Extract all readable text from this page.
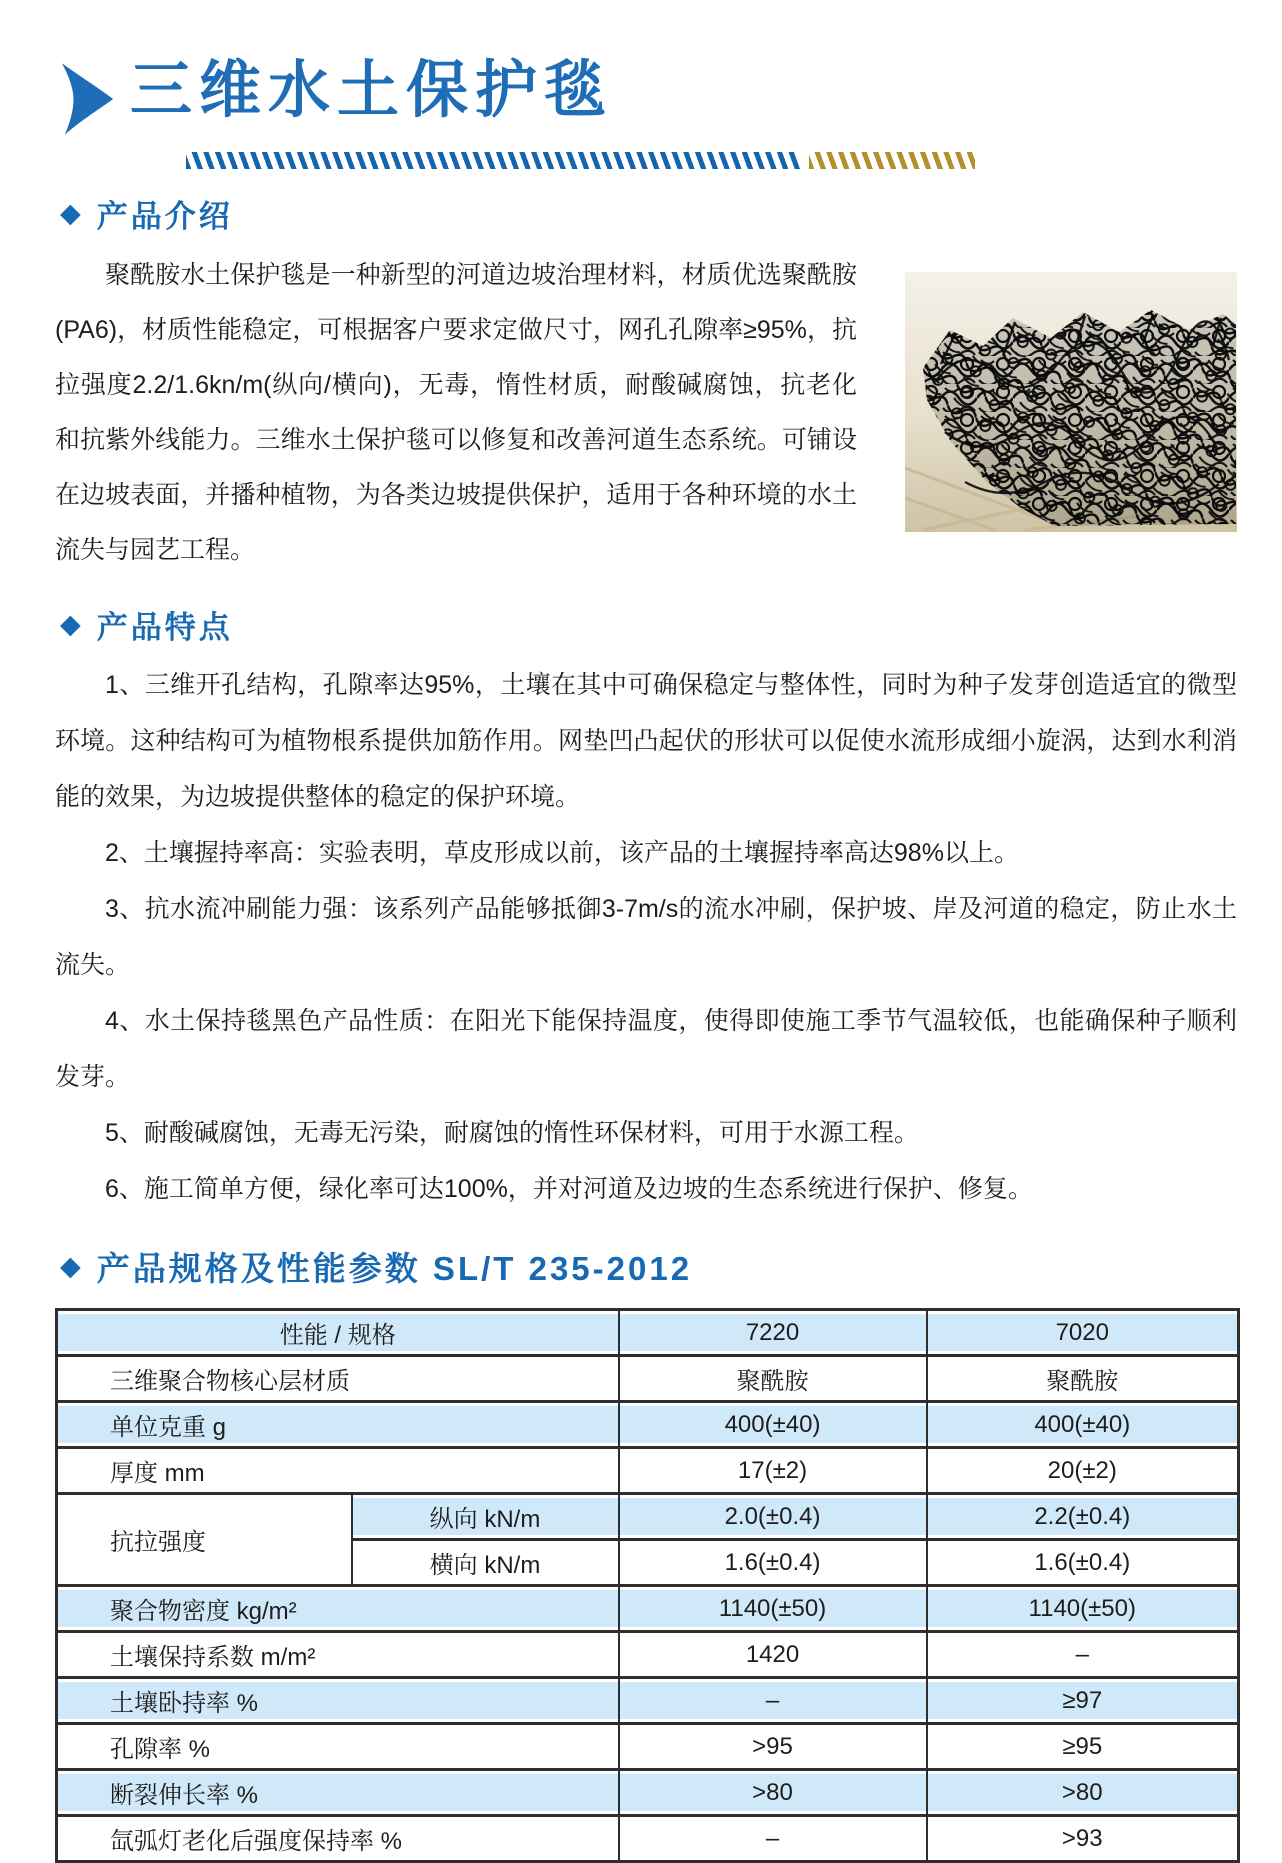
三维水土保护毯
◆ 产品介绍

聚酰胺水土保护毯是一种新型的河道边坡治理材料，材质优选聚酰胺(PA6)，材质性能稳定，可根据客户要求定做尺寸，网孔孔隙率≥95%，抗拉强度2.2/1.6kn/m(纵向/横向)，无毒，惰性材质，耐酸碱腐蚀，抗老化和抗紫外线能力。三维水土保护毯可以修复和改善河道生态系统。可铺设在边坡表面，并播种植物，为各类边坡提供保护，适用于各种环境的水土流失与园艺工程。

◆ 产品特点

1、三维开孔结构，孔隙率达95%，土壤在其中可确保稳定与整体性，同时为种子发芽创造适宜的微型环境。这种结构可为植物根系提供加筋作用。网垫凹凸起伏的形状可以促使水流形成细小旋涡，达到水利消能的效果，为边坡提供整体的稳定的保护环境。

2、土壤握持率高：实验表明，草皮形成以前，该产品的土壤握持率高达98%以上。

3、抗水流冲刷能力强：该系列产品能够抵御3-7m/s的流水冲刷，保护坡、岸及河道的稳定，防止水土流失。

4、水土保持毯黑色产品性质：在阳光下能保持温度，使得即使施工季节气温较低，也能确保种子顺利发芽。

5、耐酸碱腐蚀，无毒无污染，耐腐蚀的惰性环保材料，可用于水源工程。

6、施工简单方便，绿化率可达100%，并对河道及边坡的生态系统进行保护、修复。

◆ 产品规格及性能参数 SL/T 235-2012
性能 / 规格		7220	7020
三维聚合物核心层材质		聚酰胺	聚酰胺
单位克重 g		400(±40)	400(±40)
厚度 mm		17(±2)	20(±2)
抗拉强度	纵向 kN/m	2.0(±0.4)	2.2(±0.4)
	横向 kN/m	1.6(±0.4)	1.6(±0.4)
聚合物密度 kg/m²		1140(±50)	1140(±50)
土壤保持系数 m/m²		1420	–
土壤卧持率 %		–	≥97
孔隙率 %		>95	≥95
断裂伸长率 %		>80	>80
氙弧灯老化后强度保持率 %		–	>93
